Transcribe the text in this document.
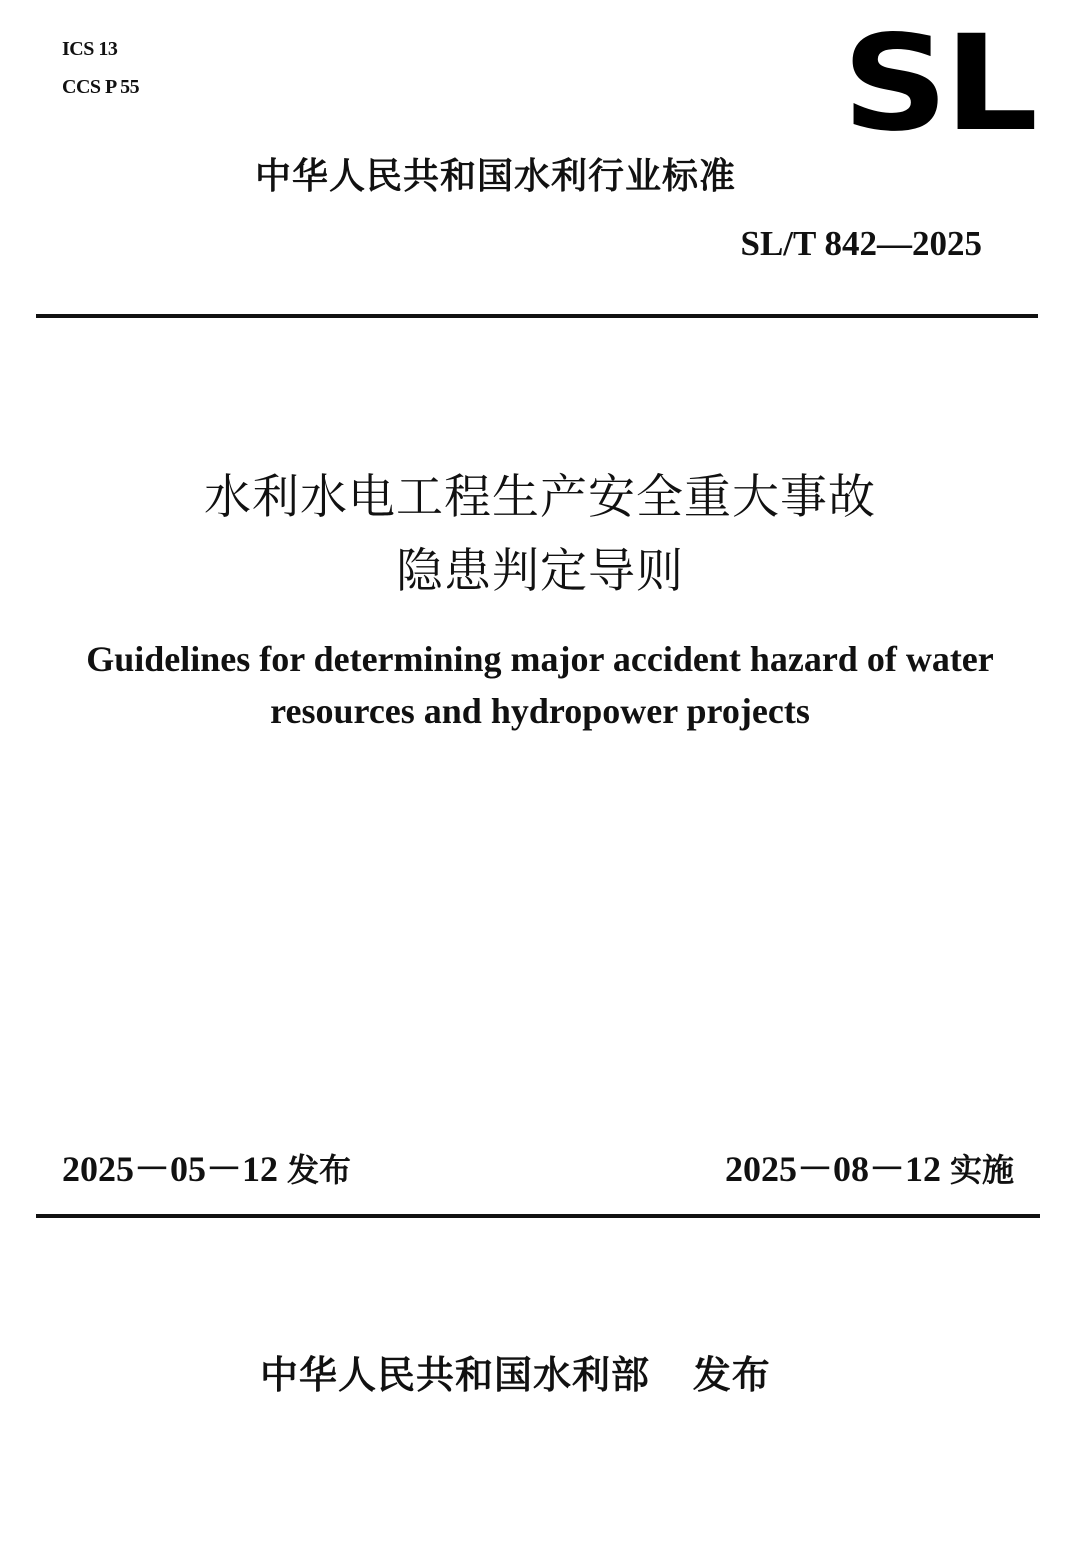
ICS 13
CCS P 55	SL
中华人民共和国水利行业标准
SL/T 842—2025
水利水电工程生产安全重大事故
隐患判定导则
Guidelines for determining major accident hazard of water
resources and hydropower projects
2025－05－12 发布	2025－08－12 实施
中华人民共和国水利部 发布
